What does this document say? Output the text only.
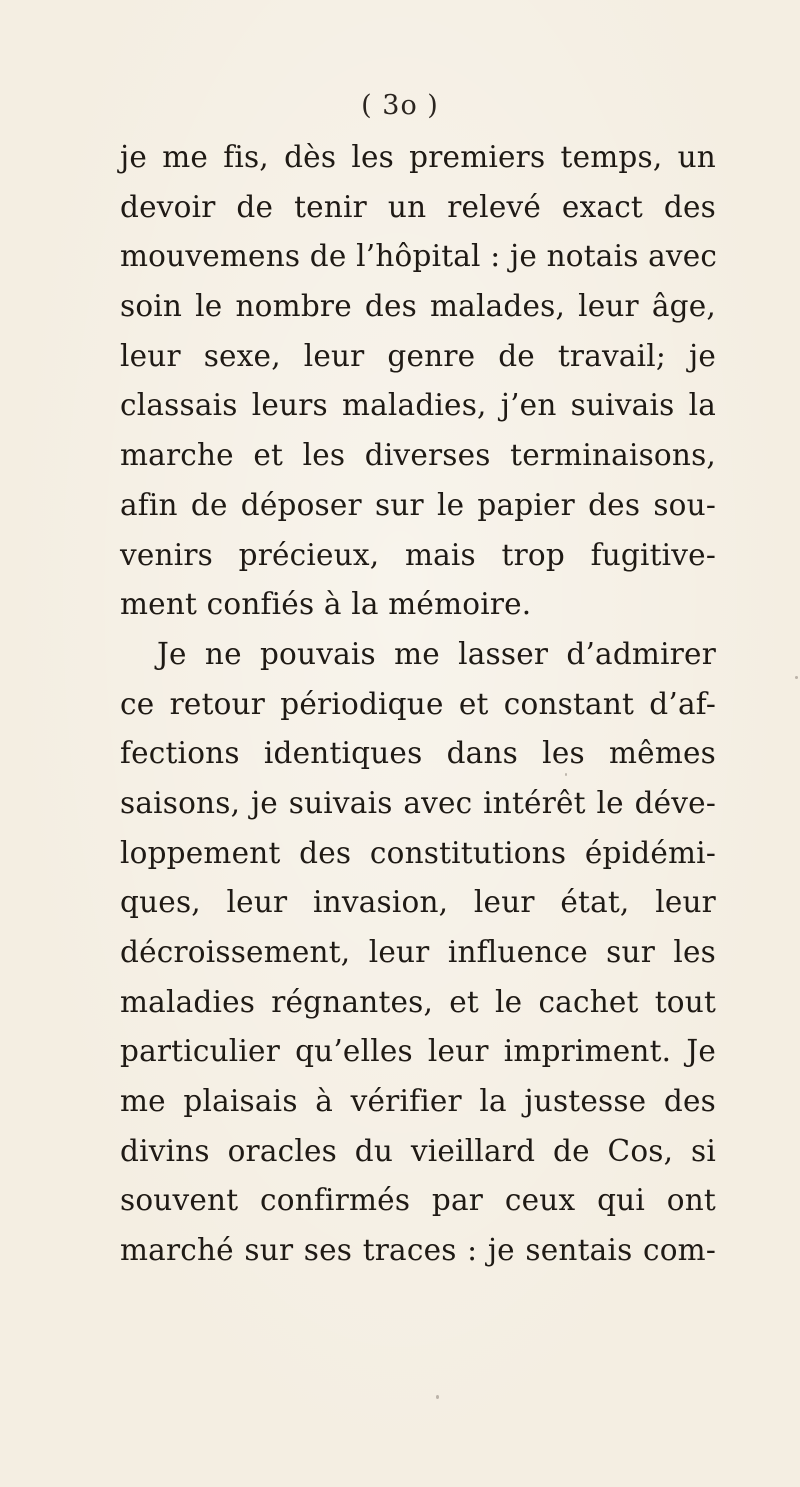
( 3o )
je me fis, dès les premiers temps, un
devoir de tenir un relevé exact des
mouvemens de l’hôpital : je notais avec
soin le nombre des malades, leur âge,
leur sexe, leur genre de travail; je
classais leurs maladies, j’en suivais la
marche et les diverses terminaisons,
afin de déposer sur le papier des sou-
venirs précieux, mais trop fugitive-
ment confiés à la mémoire.
Je ne pouvais me lasser d’admirer
ce retour périodique et constant d’af-
fections identiques dans les mêmes
saisons, je suivais avec intérêt le déve-
loppement des constitutions épidémi-
ques, leur invasion, leur état, leur
décroissement, leur influence sur les
maladies régnantes, et le cachet tout
particulier qu’elles leur impriment. Je
me plaisais à vérifier la justesse des
divins oracles du vieillard de Cos, si
souvent confirmés par ceux qui ont
marché sur ses traces : je sentais com-
